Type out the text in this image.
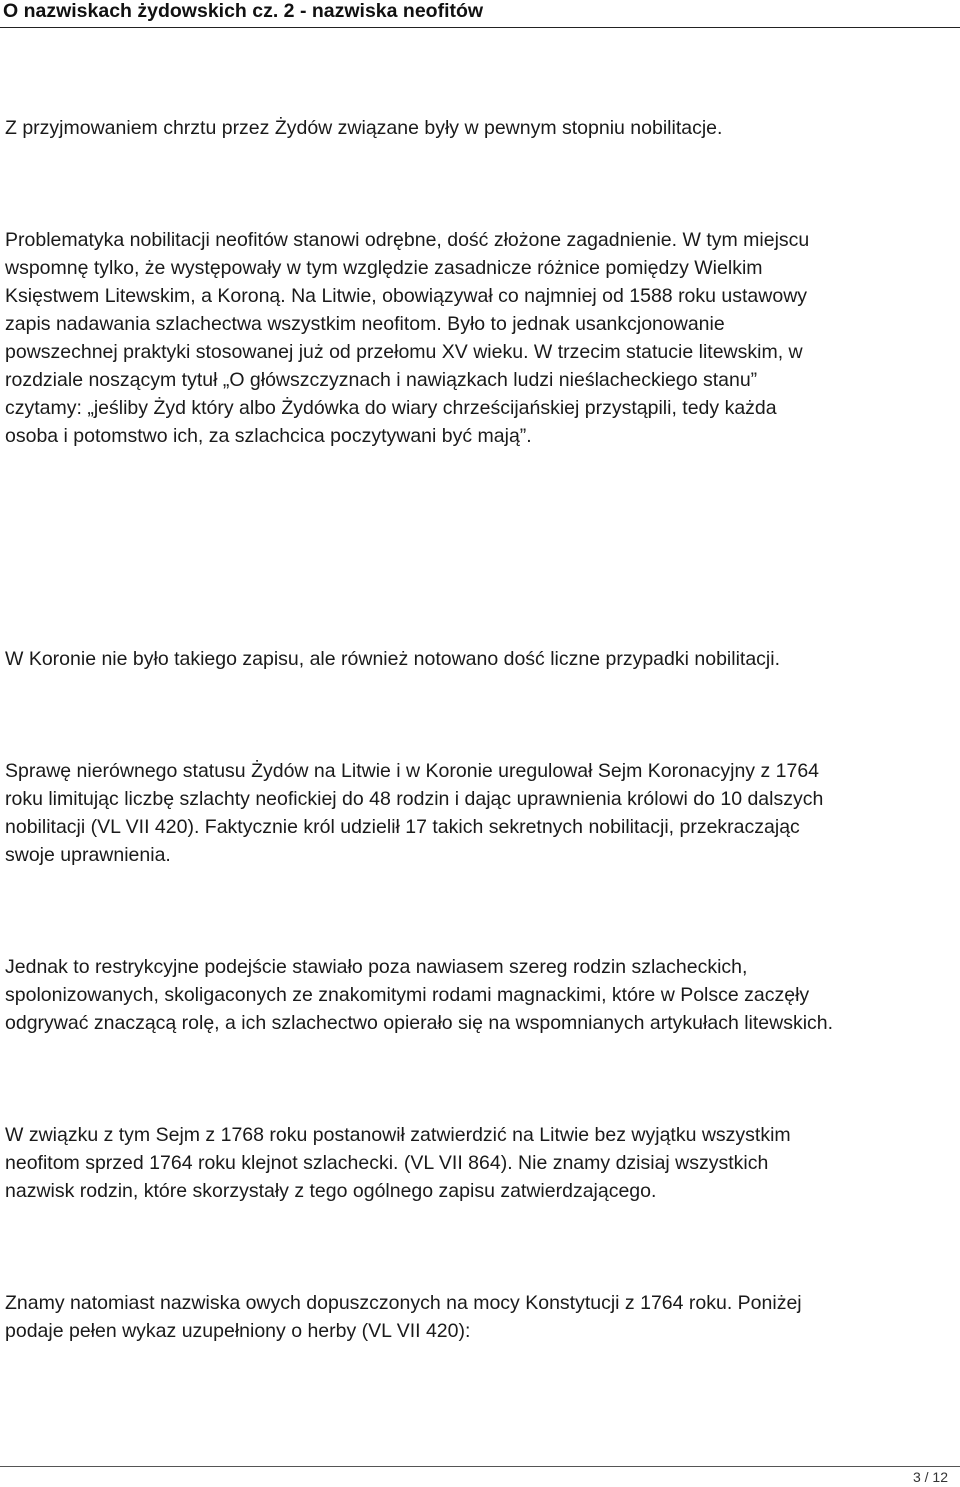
O nazwiskach żydowskich cz. 2 - nazwiska neofitów

Z przyjmowaniem chrztu przez Żydów związane były w pewnym stopniu nobilitacje.

Problematyka nobilitacji neofitów stanowi odrębne, dość złożone zagadnienie. W tym miejscu
wspomnę tylko, że występowały w tym względzie zasadnicze różnice pomiędzy Wielkim
Księstwem Litewskim, a Koroną. Na Litwie, obowiązywał co najmniej od 1588 roku ustawowy
zapis nadawania szlachectwa wszystkim neofitom. Było to jednak usankcjonowanie
powszechnej praktyki stosowanej już od przełomu XV wieku. W trzecim statucie litewskim, w
rozdziale noszącym tytuł „O główszczyznach i nawiązkach ludzi nieślacheckiego stanu”
czytamy: „jeśliby Żyd który albo Żydówka do wiary chrześcijańskiej przystąpili, tedy każda
osoba i potomstwo ich, za szlachcica poczytywani być mają”.

W Koronie nie było takiego zapisu, ale również notowano dość liczne przypadki nobilitacji.

Sprawę nierównego statusu Żydów na Litwie i w Koronie uregulował Sejm Koronacyjny z 1764
roku limitując liczbę szlachty neofickiej do 48 rodzin i dając uprawnienia królowi do 10 dalszych
nobilitacji (VL VII 420). Faktycznie król udzielił 17 takich sekretnych nobilitacji, przekraczając
swoje uprawnienia.

Jednak to restrykcyjne podejście stawiało poza nawiasem szereg rodzin szlacheckich,
spolonizowanych, skoligaconych ze znakomitymi rodami magnackimi, które w Polsce zaczęły
odgrywać znaczącą rolę, a ich szlachectwo opierało się na wspomnianych artykułach litewskich.

W związku z tym Sejm z 1768 roku postanowił zatwierdzić na Litwie bez wyjątku wszystkim
neofitom sprzed 1764 roku klejnot szlachecki. (VL VII 864). Nie znamy dzisiaj wszystkich
nazwisk rodzin, które skorzystały z tego ogólnego zapisu zatwierdzającego.

Znamy natomiast nazwiska owych dopuszczonych na mocy Konstytucji z 1764 roku. Poniżej
podaje pełen wykaz uzupełniony o herby (VL VII 420):

3 / 12
